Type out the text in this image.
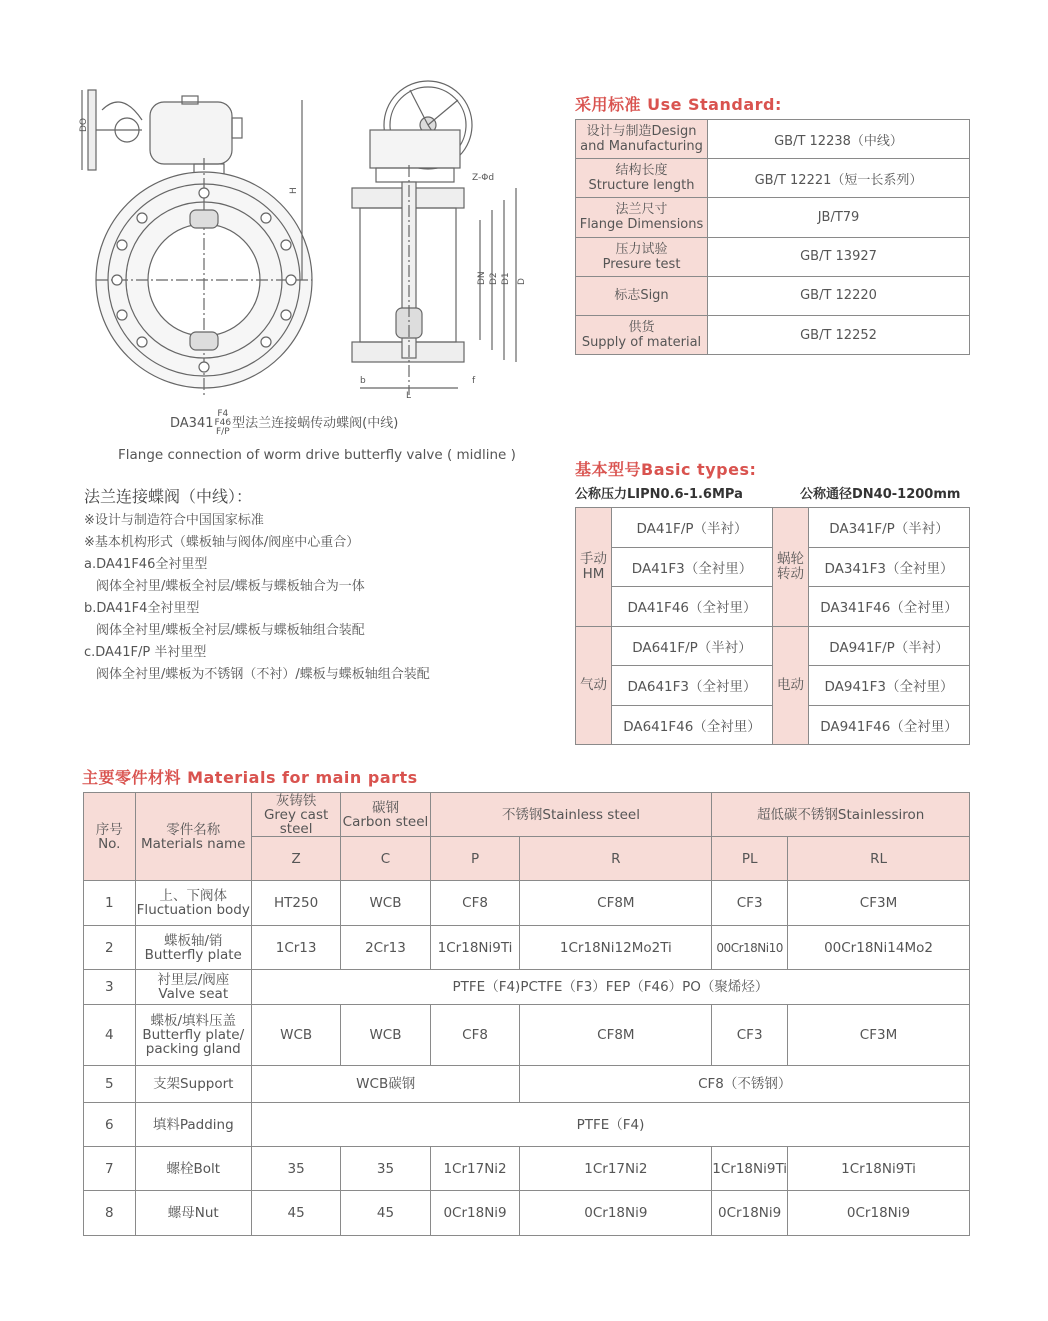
DO
H
Z-Φd
DN D2 D1 D
b
L
f
DA341F4
F46
F/P型法兰连接蜗传动蝶阀(中线)
Flange connection of worm drive butterfly valve ( midline )
法兰连接蝶阀（中线）：
※设计与制造符合中国国家标准
※基本机构形式（蝶板轴与阀体/阀座中心重合）
a.DA41F46全衬里型
阀体全衬里/蝶板全衬层/蝶板与蝶板轴合为一体
b.DA41F4全衬里型
阀体全衬里/蝶板全衬层/蝶板与蝶板轴组合装配
c.DA41F/P 半衬里型
阀体全衬里/蝶板为不锈钢（不衬）/蝶板与蝶板轴组合装配
采用标准 Use Standard:
设计与制造Design
and Manufacturing	GB/T 12238（中线）
结构长度
Structure length	GB/T 12221（短一长系列）
法兰尺寸
Flange Dimensions	JB/T79
压力试验
Presure test	GB/T 13927
标志Sign	GB/T 12220
供货
Supply of material	GB/T 12252
基本型号Basic types:
公称压力LIPN0.6-1.6MPa	公称通径DN40-1200mm
手动
HM	DA41F/P（半衬）	蜗轮
转动	DA341F/P（半衬）
	DA41F3（全衬里）		DA341F3（全衬里）
	DA41F46（全衬里）		DA341F46（全衬里）
气动	DA641F/P（半衬）	电动	DA941F/P（半衬）
	DA641F3（全衬里）		DA941F3（全衬里）
	DA641F46（全衬里）		DA941F46（全衬里）
主要零件材料 Materials for main parts
序号
No.	零件名称
Materials name	灰铸铁
Grey cast
steel	碳钢
Carbon steel	不锈钢Stainless steel		超低碳不锈钢Stainlessiron	
		Z	C	P	R	PL	RL
1	上、下阀体
Fluctuation body	HT250	WCB	CF8	CF8M	CF3	CF3M
2	蝶板轴/销
Butterfly plate	1Cr13	2Cr13	1Cr18Ni9Ti	1Cr18Ni12Mo2Ti	00Cr18Ni10	00Cr18Ni14Mo2
3	衬里层/阀座
Valve seat	PTFE（F4)PCTFE（F3）FEP（F46）PO（聚烯烃）					
4	蝶板/填料压盖
Butterfly plate/
packing gland	WCB	WCB	CF8	CF8M	CF3	CF3M
5	支架Support	WCB碳钢			CF8（不锈钢）		
6	填料Padding	PTFE（F4)					
7	螺栓Bolt	35	35	1Cr17Ni2	1Cr17Ni2	1Cr18Ni9Ti	1Cr18Ni9Ti
8	螺母Nut	45	45	0Cr18Ni9	0Cr18Ni9	0Cr18Ni9	0Cr18Ni9
